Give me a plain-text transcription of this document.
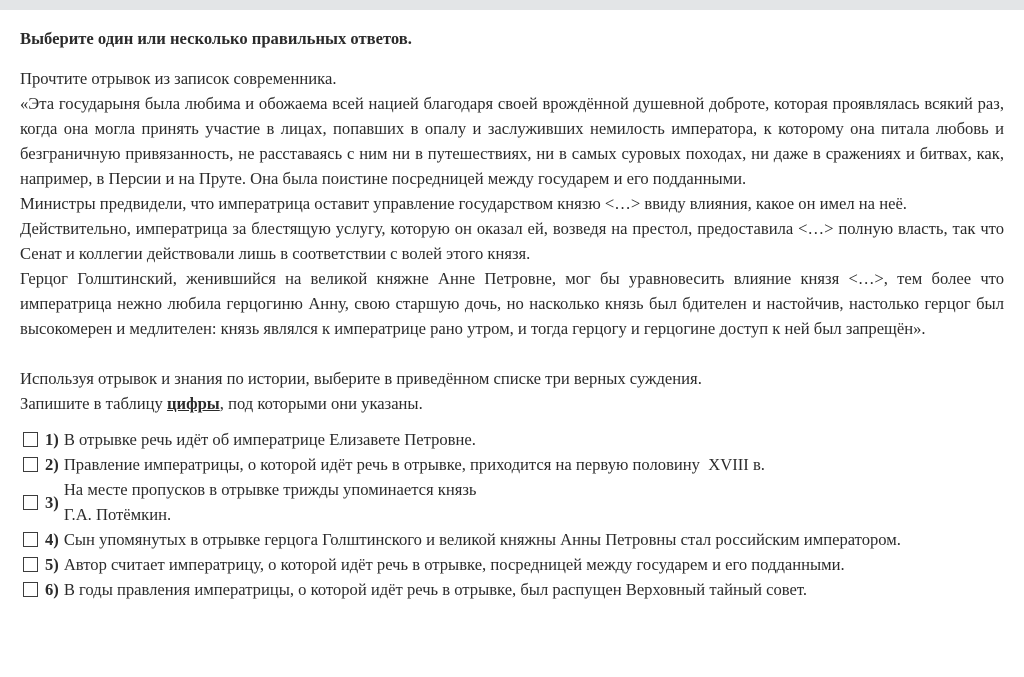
Выберите один или несколько правильных ответов.

Прочтите отрывок из записок современника.

«Эта государыня была любима и обожаема всей нацией благодаря своей врождённой душевной доброте, которая проявлялась всякий раз, когда она могла принять участие в лицах, попавших в опалу и заслуживших немилость императора, к которому она питала любовь и безграничную привязанность, не расставаясь с ним ни в путешествиях, ни в самых суровых походах, ни даже в сражениях и битвах, как, например, в Персии и на Пруте. Она была поистине посредницей между государем и его подданными.

Министры предвидели, что императрица оставит управление государством князю <…> ввиду влияния, какое он имел на неё.

Действительно, императрица за блестящую услугу, которую он оказал ей, возведя на престол, предоставила <…> полную власть, так что Сенат и коллегии действовали лишь в соответствии с волей этого князя.

Герцог Голштинский, женившийся на великой княжне Анне Петровне, мог бы уравновесить влияние князя <…>, тем более что императрица нежно любила герцогиню Анну, свою старшую дочь, но насколько князь был бдителен и настойчив, настолько герцог был высокомерен и медлителен: князь являлся к императрице рано утром, и тогда герцогу и герцогине доступ к ней был запрещён».

Используя отрывок и знания по истории, выберите в приведённом списке три верных суждения.

Запишите в таблицу цифры, под которыми они указаны.

1) В отрывке речь идёт об императрице Елизавете Петровне.
2) Правление императрицы, о которой идёт речь в отрывке, приходится на первую половину  XVIII в.
3)
На месте пропусков в отрывке трижды упоминается князь
Г.А. Потёмкин.
4) Сын упомянутых в отрывке герцога Голштинского и великой княжны Анны Петровны стал российским императором.
5) Автор считает императрицу, о которой идёт речь в отрывке, посредницей между государем и его подданными.
6) В годы правления императрицы, о которой идёт речь в отрывке, был распущен Верховный тайный совет.
